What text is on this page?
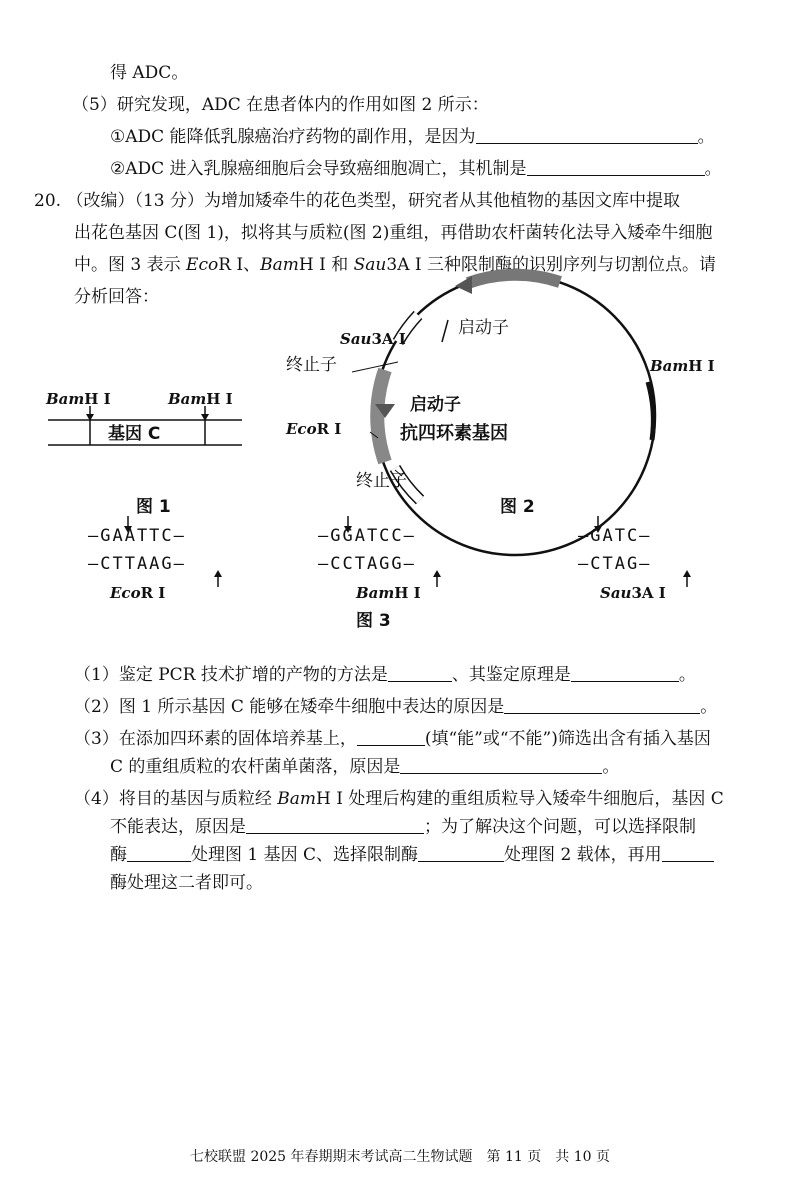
得 ADC。
（5）研究发现，ADC 在患者体内的作用如图 2 所示：
①ADC 能降低乳腺癌治疗药物的副作用，是因为	。
②ADC 进入乳腺癌细胞后会导致癌细胞凋亡，其机制是	。
20. （改编）（13 分）为增加矮牵牛的花色类型，研究者从其他植物的基因文库中提取
出花色基因 C(图 1)，拟将其与质粒(图 2)重组，再借助农杆菌转化法导入矮牵牛细胞
中。图 3 表示 EcoR Ⅰ、BamH Ⅰ 和 Sau3A Ⅰ 三种限制酶的识别序列与切割位点。请
分析回答：
BamH Ⅰ	BamH Ⅰ
基因 C
图 1
Sau3A Ⅰ
启动子
终止子	BamH Ⅰ
启动子
EcoR Ⅰ	抗四环素基因
终止子
图 2
—GAATTC—
—CTTAAG—
EcoR Ⅰ
—GGATCC—
—CCTAGG—
BamH Ⅰ
—GATC—
—CTAG—
Sau3A Ⅰ
图 3
（1）鉴定 PCR 技术扩增的产物的方法是	、其鉴定原理是	。
（2）图 1 所示基因 C 能够在矮牵牛细胞中表达的原因是	。
（3）在添加四环素的固体培养基上，	(填“能”或“不能”)筛选出含有插入基因
C 的重组质粒的农杆菌单菌落，原因是	。
（4）将目的基因与质粒经 BamH Ⅰ 处理后构建的重组质粒导入矮牵牛细胞后，基因 C
不能表达，原因是	；为了解决这个问题，可以选择限制
酶	处理图 1 基因 C、选择限制酶	处理图 2 载体，再用
酶处理这二者即可。
七校联盟 2025 年春期期末考试高二生物试题　第 11 页　共 10 页
